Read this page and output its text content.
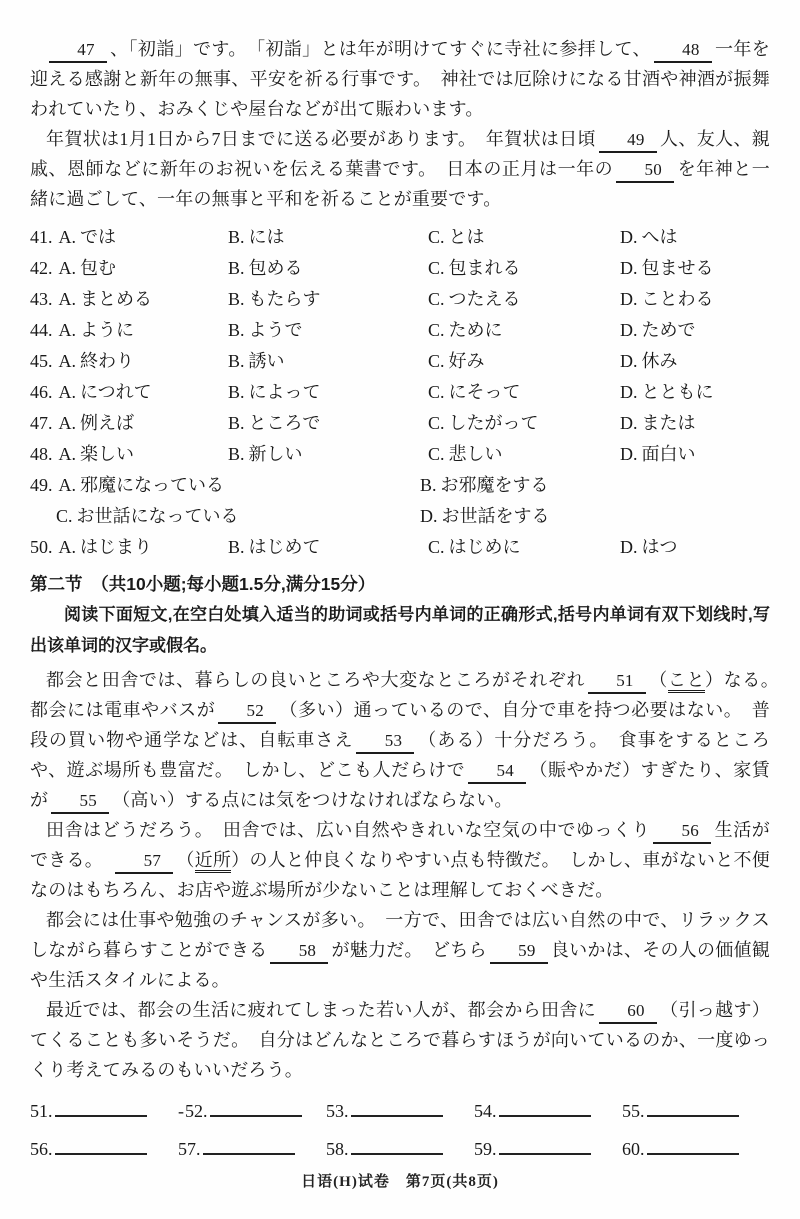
47 、「初詣」です。　「初詣」とは年が明けてすぐに寺社に参拝して、 48 一年を迎える感謝と新年の無事、平安を祈る行事です。　神社では厄除けになる甘酒や神酒が振舞われていたり、おみくじや屋台などが出て賑わいます。

年賀状は1月1日から7日までに送る必要があります。　年賀状は日頃 49 人、友人、親戚、恩師などに新年のお祝いを伝える葉書です。　日本の正月は一年の 50 を年神と一緒に過ごして、一年の無事と平和を祈ることが重要です。

41. A. では	B. には	C. とは	D. へは
42. A. 包む	B. 包める	C. 包まれる	D. 包ませる
43. A. まとめる	B. もたらす	C. つたえる	D. ことわる
44. A. ように	B. ようで	C. ために	D. ためで
45. A. 終わり	B. 誘い	C. 好み	D. 休み
46. A. につれて	B. によって	C. にそって	D. とともに
47. A. 例えば	B. ところで	C. したがって	D. または
48. A. 楽しい	B. 新しい	C. 悲しい	D. 面白い
49. A. 邪魔になっている	B. お邪魔をする
C. お世話になっている	D. お世話をする
50. A. はじまり	B. はじめて	C. はじめに	D. はつ
第二节　（共10小题;每小题1.5分,满分15分）

阅读下面短文,在空白处填入适当的助词或括号内单词的正确形式,括号内单词有双下划线时,写出该单词的汉字或假名。

都会と田舎では、暮らしの良いところや大変なところがそれぞれ 51 （こと）なる。　都会には電車やバスが 52 （多い）通っているので、自分で車を持つ必要はない。　普段の買い物や通学などは、自転車さえ 53 （ある）十分だろう。　食事をするところや、遊ぶ場所も豊富だ。　しかし、どこも人だらけで 54 （賑やかだ）すぎたり、家賃が 55 （高い）する点には気をつけなければならない。

田舎はどうだろう。　田舎では、広い自然やきれいな空気の中でゆっくり 56 生活ができる。　57 （近所）の人と仲良くなりやすい点も特徴だ。　しかし、車がないと不便なのはもちろん、お店や遊ぶ場所が少ないことは理解しておくべきだ。

都会には仕事や勉強のチャンスが多い。　一方で、田舎では広い自然の中で、リラックスしながら暮らすことができる 58 が魅力だ。　どちら 59 良いかは、その人の価値観や生活スタイルによる。

最近では、都会の生活に疲れてしまった若い人が、都会から田舎に 60 （引っ越す）てくることも多いそうだ。　自分はどんなところで暮らすほうが向いているのか、一度ゆっくり考えてみるのもいいだろう。

51.	-52.	53.	54.	55.
56.	57.	58.	59.	60.
日语(H)试卷　第7页(共8页)
